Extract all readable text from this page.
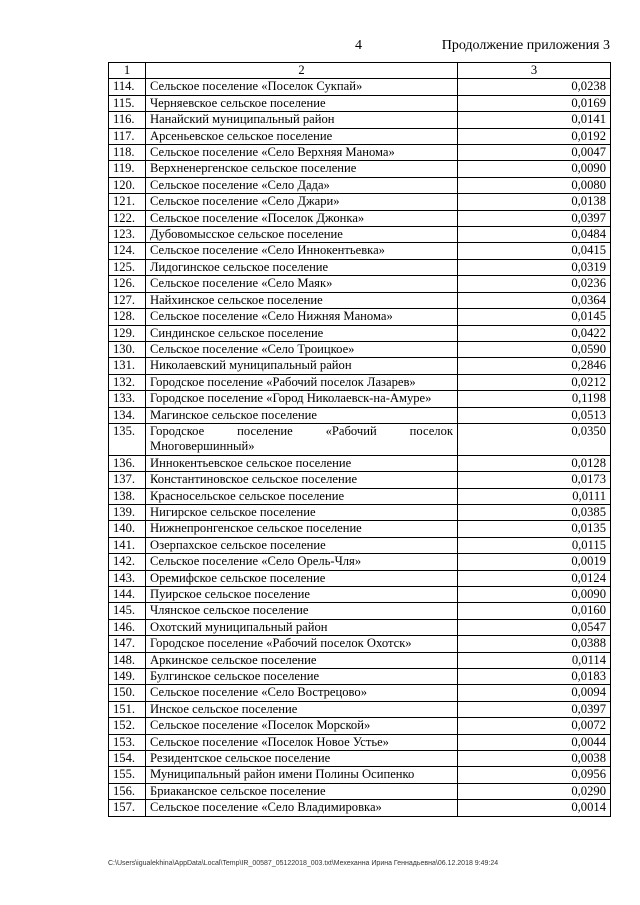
4	Продолжение приложения 3
1	2	3
114.	Сельское поселение «Поселок Сукпай»	0,0238
115.	Черняевское сельское поселение	0,0169
116.	Нанайский муниципальный район	0,0141
117.	Арсеньевское сельское поселение	0,0192
118.	Сельское поселение «Село Верхняя Манома»	0,0047
119.	Верхненергенское сельское поселение	0,0090
120.	Сельское поселение «Село Дада»	0,0080
121.	Сельское поселение «Село Джари»	0,0138
122.	Сельское поселение «Поселок Джонка»	0,0397
123.	Дубовомысское сельское поселение	0,0484
124.	Сельское поселение «Село Иннокентьевка»	0,0415
125.	Лидогинское сельское поселение	0,0319
126.	Сельское поселение «Село Маяк»	0,0236
127.	Найхинское сельское поселение	0,0364
128.	Сельское поселение «Село Нижняя Манома»	0,0145
129.	Синдинское сельское поселение	0,0422
130.	Сельское поселение «Село Троицкое»	0,0590
131.	Николаевский муниципальный район	0,2846
132.	Городское поселение «Рабочий поселок Лазарев»	0,0212
133.	Городское поселение «Город Николаевск-на-Амуре»	0,1198
134.	Магинское сельское поселение	0,0513
135.	Городское поселение «Рабочий поселок Многовершинный»	0,0350
136.	Иннокентьевское сельское поселение	0,0128
137.	Константиновское сельское поселение	0,0173
138.	Красносельское сельское поселение	0,0111
139.	Нигирское сельское поселение	0,0385
140.	Нижнепронгенское сельское поселение	0,0135
141.	Озерпахское сельское поселение	0,0115
142.	Сельское поселение «Село Орель-Чля»	0,0019
143.	Оремифское сельское поселение	0,0124
144.	Пуирское сельское поселение	0,0090
145.	Члянское сельское поселение	0,0160
146.	Охотский муниципальный район	0,0547
147.	Городское поселение «Рабочий поселок Охотск»	0,0388
148.	Аркинское сельское поселение	0,0114
149.	Булгинское сельское поселение	0,0183
150.	Сельское поселение «Село Вострецово»	0,0094
151.	Инское сельское поселение	0,0397
152.	Сельское поселение «Поселок Морской»	0,0072
153.	Сельское поселение «Поселок Новое Устье»	0,0044
154.	Резидентское сельское поселение	0,0038
155.	Муниципальный район имени Полины Осипенко	0,0956
156.	Бриаканское сельское поселение	0,0290
157.	Сельское поселение «Село Владимировка»	0,0014
C:\Users\igualekhina\AppData\Local\Temp\IR_00587_05122018_003.txt\Мехеханна Ирина Геннадьевна\06.12.2018 9:49:24
